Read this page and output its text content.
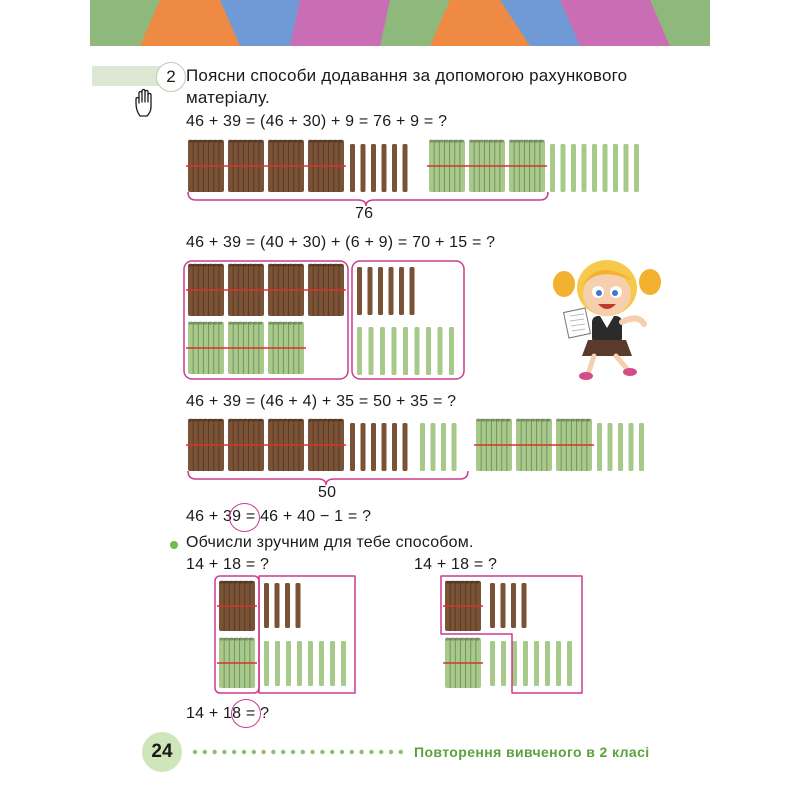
2 Поясни способи додавання за допомогою рахункового
матеріалу.
46 + 39 = (46 + 30) + 9 = 76 + 9 = ?
76
46 + 39 = (40 + 30) + (6 + 9) = 70 + 15 = ?
46 + 39 = (46 + 4) + 35 = 50 + 35 = ?
50
46 + 39 = 46 + 40 − 1 = ?
Обчисли зручним для тебе способом.
14 + 18 = ?	14 + 18 = ?
14 + 18 = ?
24	Повторення вивченого в 2 класі
